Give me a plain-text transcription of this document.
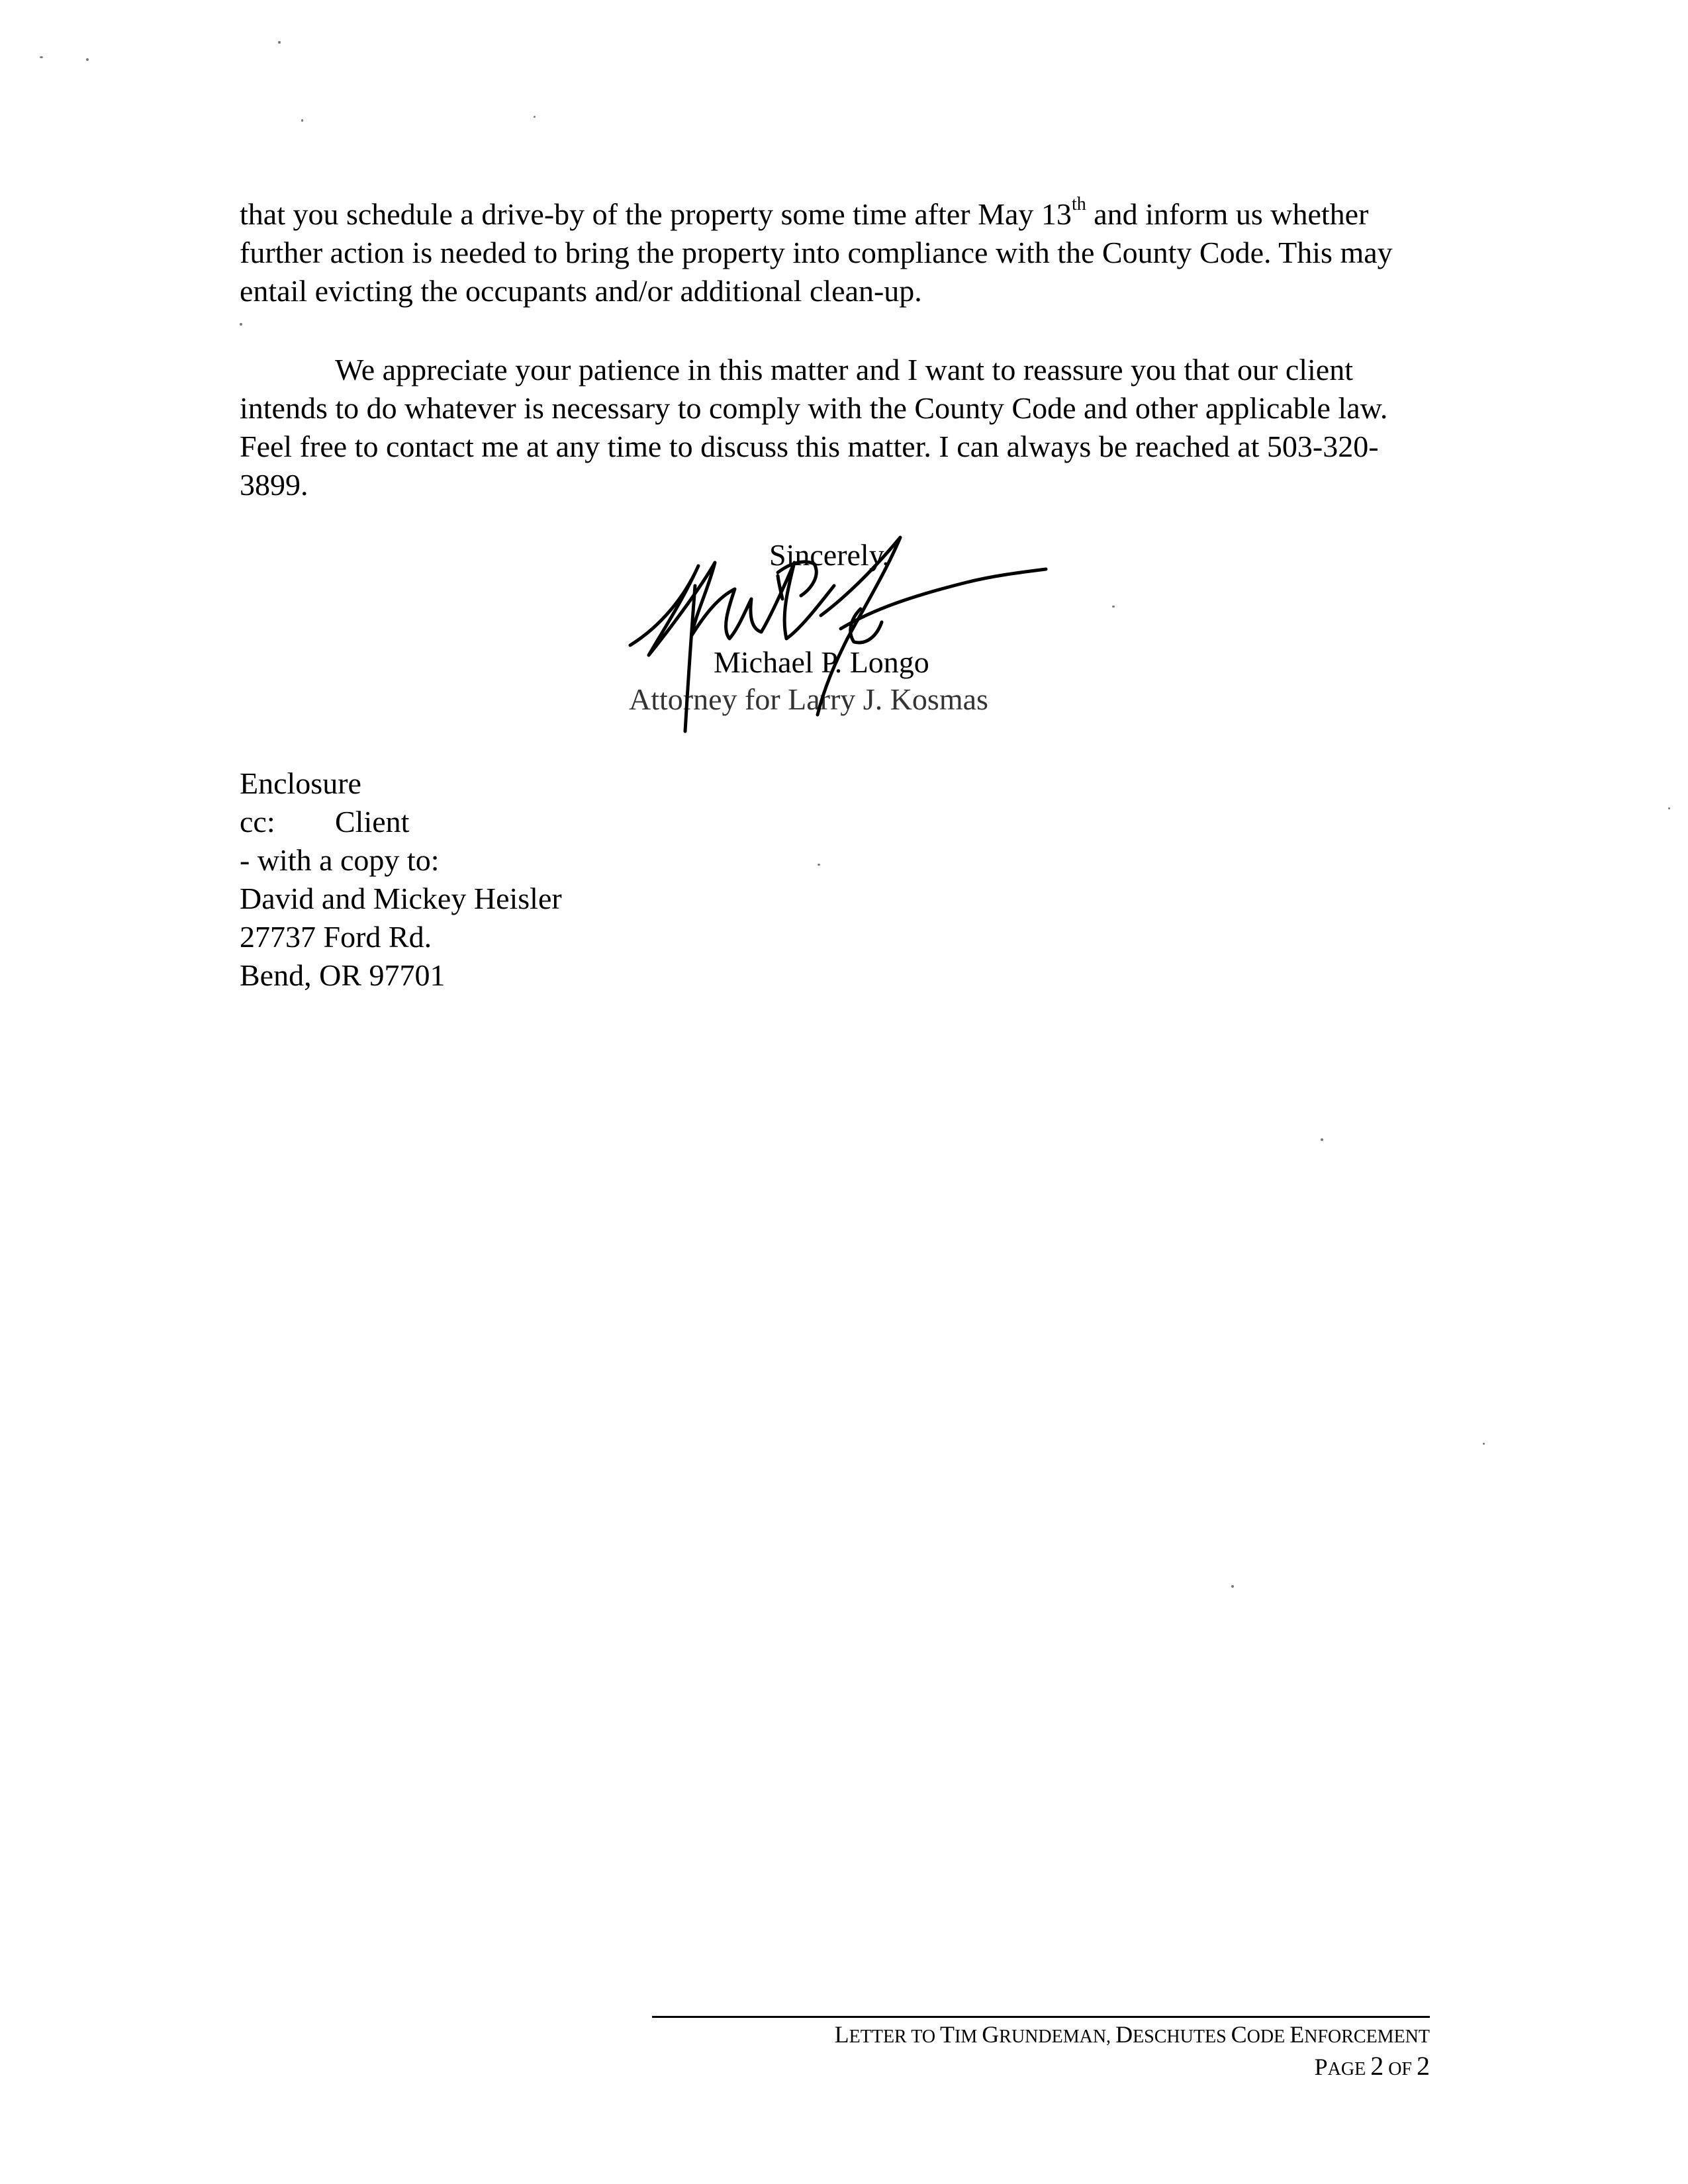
that you schedule a drive-by of the property some time after May 13th and inform us whether further action is needed to bring the property into compliance with the County Code. This may entail evicting the occupants and/or additional clean-up.

We appreciate your patience in this matter and I want to reassure you that our client intends to do whatever is necessary to comply with the County Code and other applicable law. Feel free to contact me at any time to discuss this matter. I can always be reached at 503-320-3899.

Sincerely,
Michael P. Longo
Attorney for Larry J. Kosmas
Enclosure
cc: Client
- with a copy to:
David and Mickey Heisler
27737 Ford Rd.
Bend, OR 97701
LETTER TO TIM GRUNDEMAN, DESCHUTES CODE ENFORCEMENT
PAGE 2 OF 2
